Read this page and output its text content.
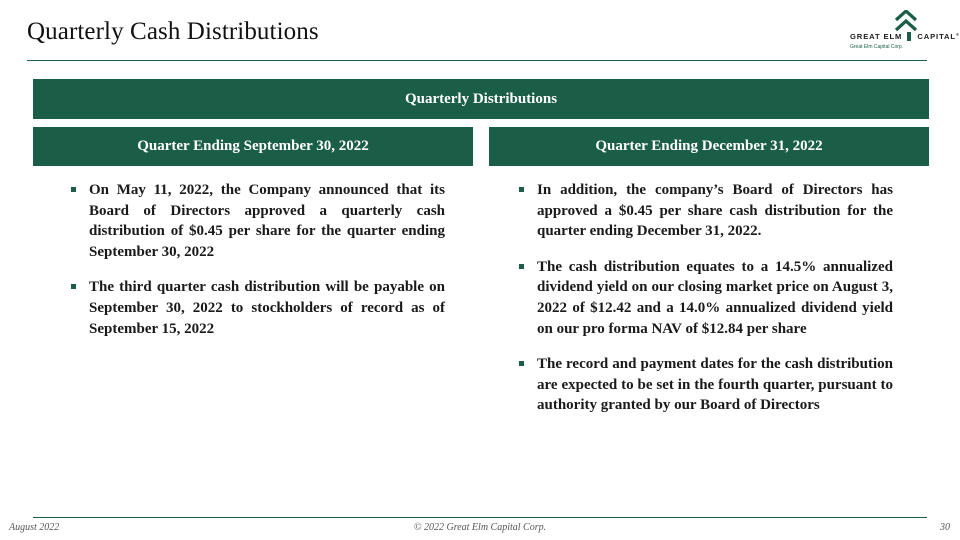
Quarterly Cash Distributions	GREAT ELM CAPITAL®
Great Elm Capital Corp.
Quarterly Distributions
Quarter Ending September 30, 2022	Quarter Ending December 31, 2022
On May 11, 2022, the Company announced that its Board of Directors approved a quarterly cash distribution of $0.45 per share for the quarter ending September 30, 2022
The third quarter cash distribution will be payable on September 30, 2022 to stockholders of record as of September 15, 2022
In addition, the company’s Board of Directors has approved a $0.45 per share cash distribution for the quarter ending December 31, 2022.
The cash distribution equates to a 14.5% annualized dividend yield on our closing market price on August 3, 2022 of $12.42 and a 14.0% annualized dividend yield on our pro forma NAV of $12.84 per share
The record and payment dates for the cash distribution are expected to be set in the fourth quarter, pursuant to authority granted by our Board of Directors
August 2022	© 2022 Great Elm Capital Corp.	30
